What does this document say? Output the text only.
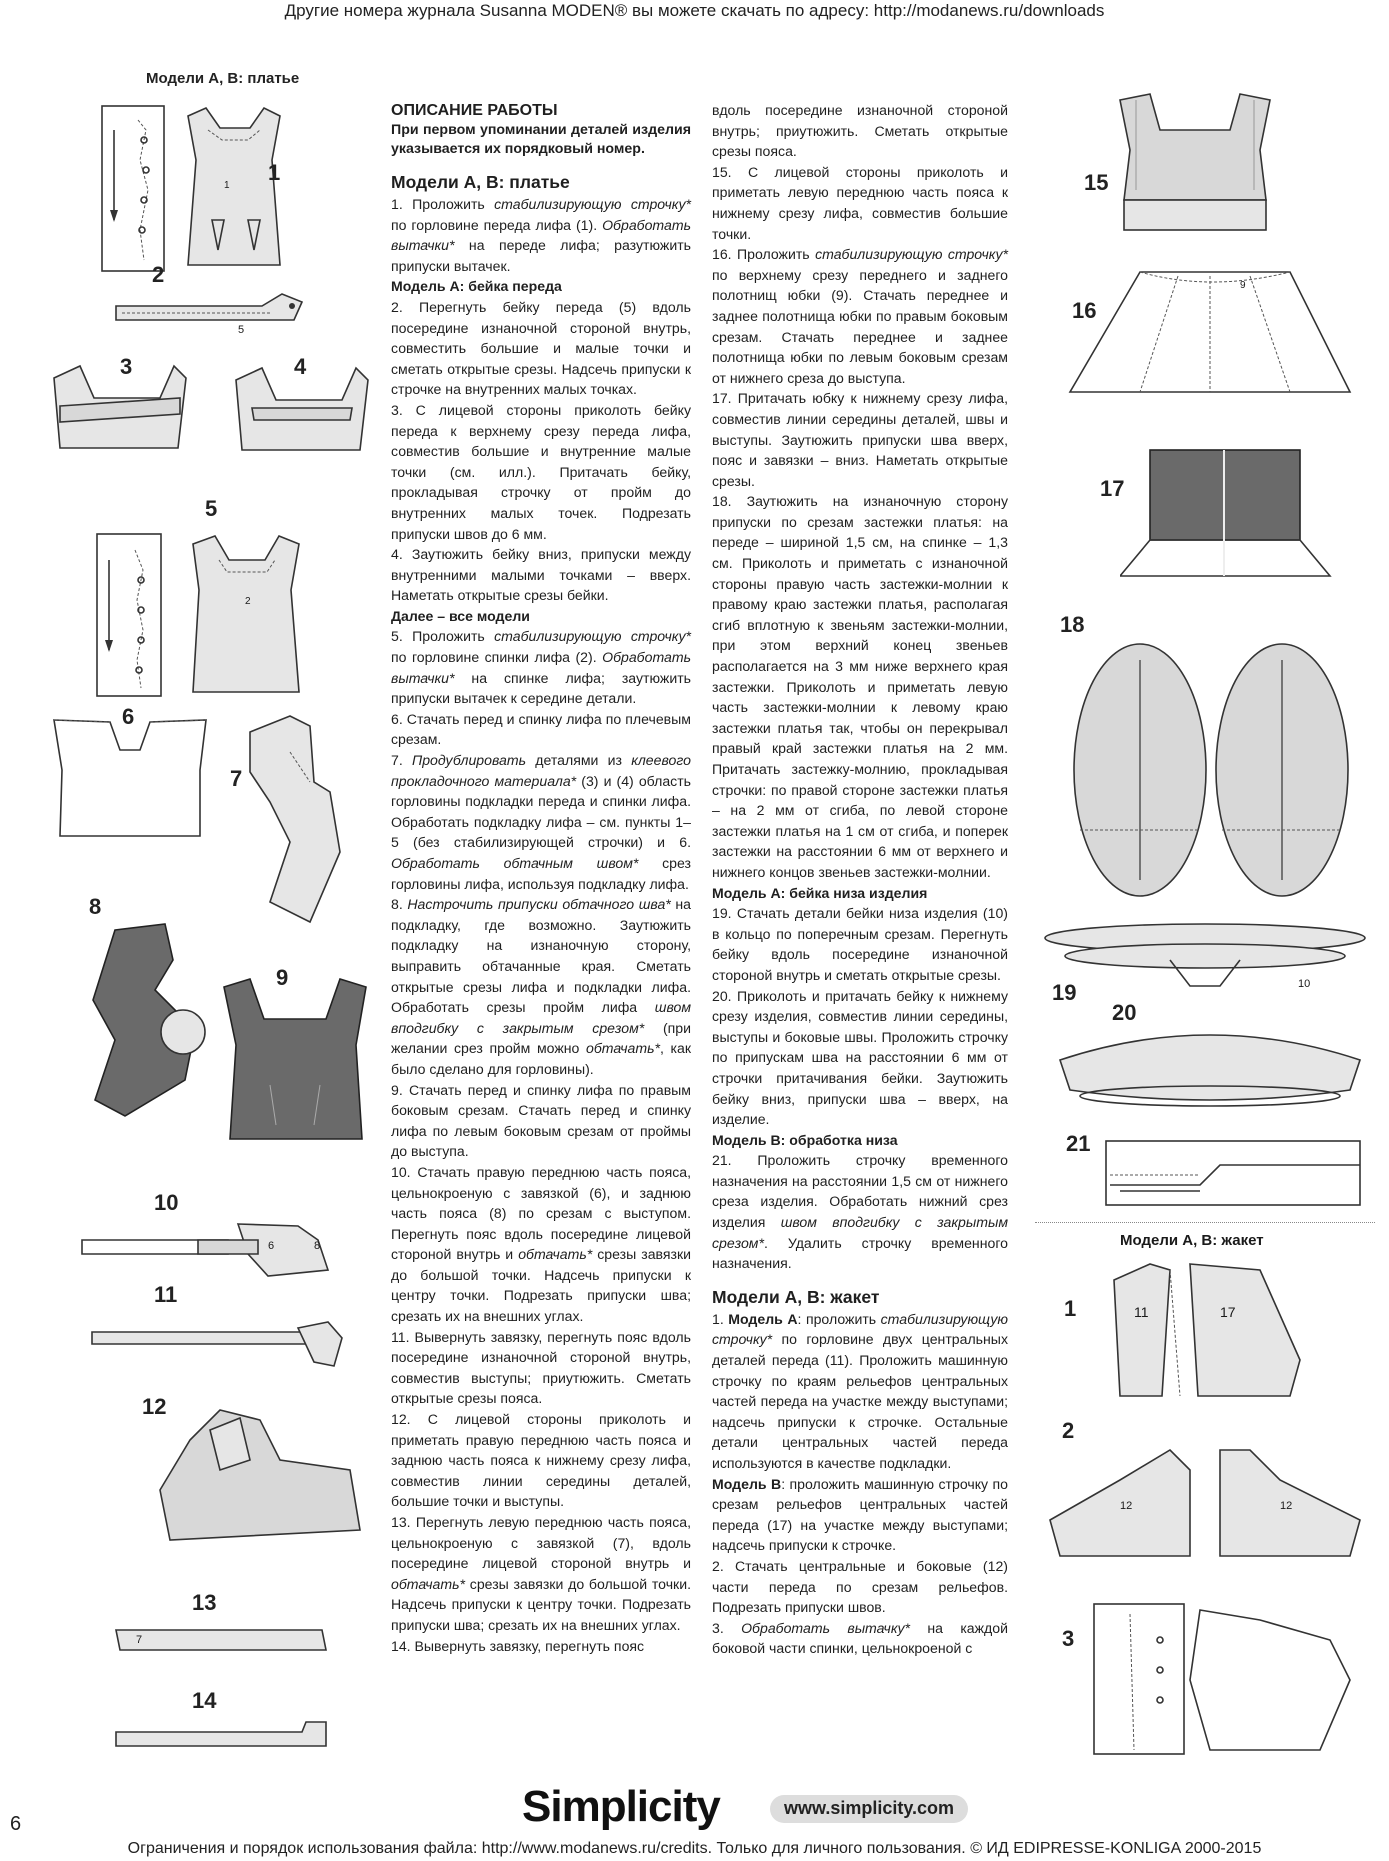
Другие номера журнала Susanna MODEN® вы можете скачать по адресу: http://modanews.ru/downloads
Ограничения и порядок использования файла: http://www.modanews.ru/credits. Только для личного пользования. © ИД EDIPRESSE-KONLIGA 2000-2015
Модели А, В: платье
1
1
2
5
3	4
5
2
6
7
8
9
10
6	8
11
12
13
7
14

ОПИСАНИЕ РАБОТЫ

При первом упоминании деталей изделия указывается их порядковый номер.

Модели А, В: платье

1. Проложить стабилизирующую строчку* по горловине переда лифа (1). Обработать вытачки* на переде лифа; разутюжить припуски вытачек.

Модель А: бейка переда

2. Перегнуть бейку переда (5) вдоль посередине изнаночной стороной внутрь, совместить большие и малые точки и сметать открытые срезы. Надсечь припуски к строчке на внутренних малых точках.

3. С лицевой стороны приколоть бейку переда к верхнему срезу переда лифа, совместив большие и внутренние малые точки (см. илл.). Притачать бейку, прокладывая строчку от пройм до внутренних малых точек. Подрезать припуски швов до 6 мм.

4. Заутюжить бейку вниз, припуски между внутренними малыми точками – вверх. Наметать открытые срезы бейки.

Далее – все модели

5. Проложить стабилизирующую строчку* по горловине спинки лифа (2). Обработать вытачки* на спинке лифа; заутюжить припуски вытачек к середине детали.

6. Стачать перед и спинку лифа по плечевым срезам.

7. Продублировать деталями из клеевого прокладочного материала* (3) и (4) область горловины подкладки переда и спинки лифа. Обработать подкладку лифа – см. пункты 1–5 (без стабилизирующей строчки) и 6. Обработать обтачным швом* срез горловины лифа, используя подкладку лифа.

8. Настрочить припуски обтачного шва* на подкладку, где возможно. Заутюжить подкладку на изнаночную сторону, выправить обтачанные края. Сметать открытые срезы лифа и подкладки лифа. Обработать срезы пройм лифа швом вподгибку с закрытым срезом* (при желании срез пройм можно обтачать*, как было сделано для горловины).

9. Стачать перед и спинку лифа по правым боковым срезам. Стачать перед и спинку лифа по левым боковым срезам от проймы до выступа.

10. Стачать правую переднюю часть пояса, цельнокроеную с завязкой (6), и заднюю часть пояса (8) по срезам с выступом. Перегнуть пояс вдоль посередине лицевой стороной внутрь и обтачать* срезы завязки до большой точки. Надсечь припуски к центру точки. Подрезать припуски шва; срезать их на внешних углах.

11. Вывернуть завязку, перегнуть пояс вдоль посередине изнаночной стороной внутрь, совместив выступы; приутюжить. Сметать открытые срезы пояса.

12. С лицевой стороны приколоть и приметать правую переднюю часть пояса и заднюю часть пояса к нижнему срезу лифа, совместив линии середины деталей, большие точки и выступы.

13. Перегнуть левую переднюю часть пояса, цельнокроеную с завязкой (7), вдоль посередине лицевой стороной внутрь и обтачать* срезы завязки до большой точки. Надсечь припуски к центру точки. Подрезать припуски шва; срезать их на внешних углах.

14. Вывернуть завязку, перегнуть пояс

вдоль посередине изнаночной стороной внутрь; приутюжить. Сметать открытые срезы пояса.

15. С лицевой стороны приколоть и приметать левую переднюю часть пояса к нижнему срезу лифа, совместив большие точки.

16. Проложить стабилизирующую строчку* по верхнему срезу переднего и заднего полотнищ юбки (9). Стачать переднее и заднее полотнища юбки по правым боковым срезам. Стачать переднее и заднее полотнища юбки по левым боковым срезам от нижнего среза до выступа.

17. Притачать юбку к нижнему срезу лифа, совместив линии середины деталей, швы и выступы. Заутюжить припуски шва вверх, пояс и завязки – вниз. Наметать открытые срезы.

18. Заутюжить на изнаночную сторону припуски по срезам застежки платья: на переде – шириной 1,5 см, на спинке – 1,3 см. Приколоть и приметать с изнаночной стороны правую часть застежки-молнии к правому краю застежки платья, располагая сгиб вплотную к звеньям застежки-молнии, при этом верхний конец звеньев располагается на 3 мм ниже верхнего края застежки. Приколоть и приметать левую часть застежки-молнии к левому краю застежки платья так, чтобы он перекрывал правый край застежки платья на 2 мм. Притачать застежку-молнию, прокладывая строчки: по правой стороне застежки платья – на 2 мм от сгиба, по левой стороне застежки платья на 1 см от сгиба, и поперек застежки на расстоянии 6 мм от верхнего и нижнего концов звеньев застежки-молнии.

Модель А: бейка низа изделия

19. Стачать детали бейки низа изделия (10) в кольцо по поперечным срезам. Перегнуть бейку вдоль посередине изнаночной стороной внутрь и сметать открытые срезы.

20. Приколоть и притачать бейку к нижнему срезу изделия, совместив линии середины, выступы и боковые швы. Проложить строчку по припускам шва на расстоянии 6 мм от строчки притачивания бейки. Заутюжить бейку вниз, припуски шва – вверх, на изделие.

Модель В: обработка низа

21. Проложить строчку временного назначения на расстоянии 1,5 см от нижнего среза изделия. Обработать нижний срез изделия швом вподгибку с закрытым срезом*. Удалить строчку временного назначения.

Модели А, В: жакет

1. Модель А: проложить стабилизирующую строчку* по горловине двух центральных деталей переда (11). Проложить машинную строчку по краям рельефов центральных частей переда на участке между выступами; надсечь припуски к строчке. Остальные детали центральных частей переда используются в качестве подкладки.

Модель В: проложить машинную строчку по срезам рельефов центральных частей переда (17) на участке между выступами; надсечь припуски к строчке.

2. Стачать центральные и боковые (12) части переда по срезам рельефов. Подрезать припуски швов.

3. Обработать вытачку* на каждой боковой части спинки, цельнокроеной с

15
16
9
17
18
19	10
20
21
Модели А, В: жакет
1	11	17
2
12	12
3
Simplicity	www.simplicity.com
6
